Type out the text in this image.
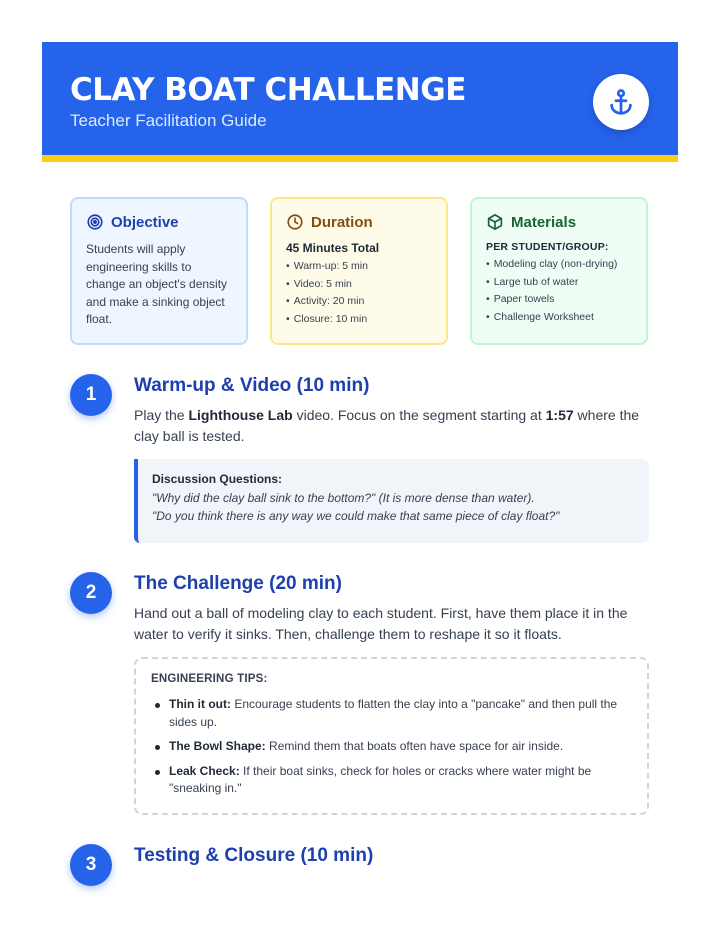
CLAY BOAT CHALLENGE
Teacher Facilitation Guide
Objective

Students will apply engineering skills to change an object's density and make a sinking object float.

Duration
45 Minutes Total
• Warm-up: 5 min
• Video: 5 min
• Activity: 20 min
• Closure: 10 min
Materials
PER STUDENT/GROUP:
• Modeling clay (non-drying)
• Large tub of water
• Paper towels
• Challenge Worksheet
1	Warm-up & Video (10 min)
Play the Lighthouse Lab video. Focus on the segment starting at 1:57 where the clay ball is tested.
Discussion Questions:
"Why did the clay ball sink to the bottom?" (It is more dense than water).
"Do you think there is any way we could make that same piece of clay float?"
2	The Challenge (20 min)
Hand out a ball of modeling clay to each student. First, have them place it in the water to verify it sinks. Then, challenge them to reshape it so it floats.
ENGINEERING TIPS:
Thin it out: Encourage students to flatten the clay into a "pancake" and then pull the sides up.
The Bowl Shape: Remind them that boats often have space for air inside.
Leak Check: If their boat sinks, check for holes or cracks where water might be "sneaking in."
3	Testing & Closure (10 min)
